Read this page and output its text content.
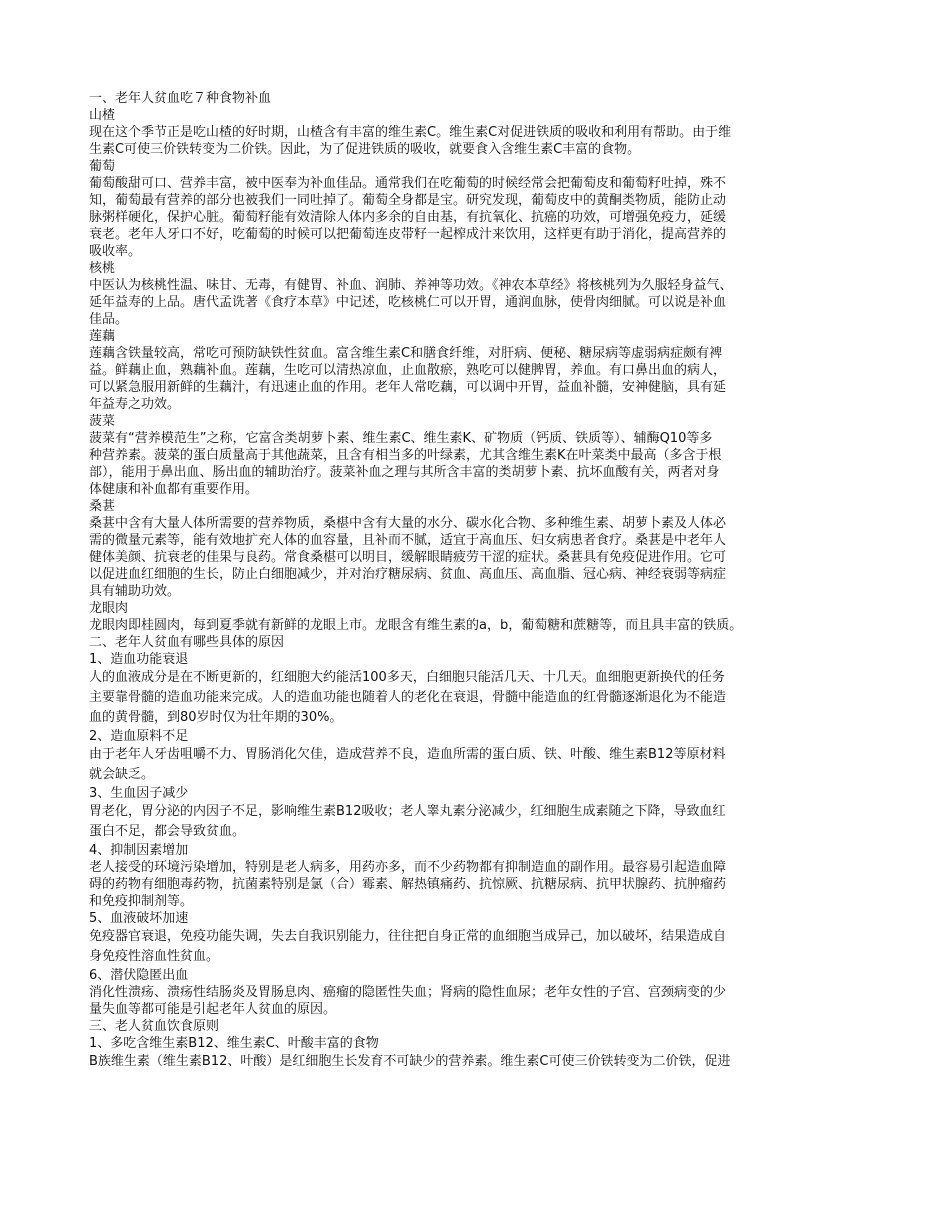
一、老年人贫血吃７种食物补血
山楂
现在这个季节正是吃山楂的好时期，山楂含有丰富的维生素C。维生素C对促进铁质的吸收和利用有帮助。由于维
生素C可使三价铁转变为二价铁。因此，为了促进铁质的吸收，就要食入含维生素C丰富的食物。
葡萄
葡萄酸甜可口、营养丰富，被中医奉为补血佳品。通常我们在吃葡萄的时候经常会把葡萄皮和葡萄籽吐掉，殊不
知，葡萄最有营养的部分也被我们一同吐掉了。葡萄全身都是宝。研究发现，葡萄皮中的黄酮类物质，能防止动
脉粥样硬化，保护心脏。葡萄籽能有效清除人体内多余的自由基，有抗氧化、抗癌的功效，可增强免疫力，延缓
衰老。老年人牙口不好，吃葡萄的时候可以把葡萄连皮带籽一起榨成汁来饮用，这样更有助于消化，提高营养的
吸收率。
核桃
中医认为核桃性温、味甘、无毒，有健胃、补血、润肺、养神等功效。《神农本草经》将核桃列为久服轻身益气、
延年益寿的上品。唐代孟诜著《食疗本草》中记述，吃核桃仁可以开胃，通润血脉，使骨肉细腻。可以说是补血
佳品。
莲藕
莲藕含铁量较高，常吃可预防缺铁性贫血。富含维生素C和膳食纤维，对肝病、便秘、糖尿病等虚弱病症颇有裨
益。鲜藕止血，熟藕补血。莲藕，生吃可以清热凉血，止血散瘀，熟吃可以健脾胃，养血。有口鼻出血的病人，
可以紧急服用新鲜的生藕汁，有迅速止血的作用。老年人常吃藕，可以调中开胃，益血补髓，安神健脑，具有延
年益寿之功效。
菠菜
菠菜有“营养模范生”之称，它富含类胡萝卜素、维生素C、维生素K、矿物质（钙质、铁质等）、辅酶Q10等多
种营养素。菠菜的蛋白质量高于其他蔬菜，且含有相当多的叶绿素，尤其含维生素K在叶菜类中最高（多含于根
部），能用于鼻出血、肠出血的辅助治疗。菠菜补血之理与其所含丰富的类胡萝卜素、抗坏血酸有关，两者对身
体健康和补血都有重要作用。
桑葚
桑葚中含有大量人体所需要的营养物质，桑椹中含有大量的水分、碳水化合物、多种维生素、胡萝卜素及人体必
需的微量元素等，能有效地扩充人体的血容量，且补而不腻，适宜于高血压、妇女病患者食疗。桑葚是中老年人
健体美颜、抗衰老的佳果与良药。常食桑椹可以明目，缓解眼睛疲劳干涩的症状。桑葚具有免疫促进作用。它可
以促进血红细胞的生长，防止白细胞减少，并对治疗糖尿病、贫血、高血压、高血脂、冠心病、神经衰弱等病症
具有辅助功效。
龙眼肉
龙眼肉即桂圆肉，每到夏季就有新鲜的龙眼上市。龙眼含有维生素的a，b，葡萄糖和蔗糖等，而且具丰富的铁质。
二、老年人贫血有哪些具体的原因
1、造血功能衰退
人的血液成分是在不断更新的，红细胞大约能活100多天，白细胞只能活几天、十几天。血细胞更新换代的任务
主要靠骨髓的造血功能来完成。人的造血功能也随着人的老化在衰退，骨髓中能造血的红骨髓逐渐退化为不能造
血的黄骨髓，到80岁时仅为壮年期的30%。
2、造血原料不足
由于老年人牙齿咀嚼不力、胃肠消化欠佳，造成营养不良，造血所需的蛋白质、铁、叶酸、维生素B12等原材料
就会缺乏。
3、生血因子减少
胃老化，胃分泌的内因子不足，影响维生素B12吸收；老人睾丸素分泌减少，红细胞生成素随之下降，导致血红
蛋白不足，都会导致贫血。
4、抑制因素增加
老人接受的环境污染增加，特别是老人病多，用药亦多，而不少药物都有抑制造血的副作用。最容易引起造血障
碍的药物有细胞毒药物，抗菌素特别是氯（合）霉素、解热镇痛药、抗惊厥、抗糖尿病、抗甲状腺药、抗肿瘤药
和免疫抑制剂等。
5、血液破坏加速
免疫器官衰退，免疫功能失调，失去自我识别能力，往往把自身正常的血细胞当成异己，加以破坏，结果造成自
身免疫性溶血性贫血。
6、潜伏隐匿出血
消化性溃疡、溃疡性结肠炎及胃肠息肉、癌瘤的隐匿性失血；肾病的隐性血尿；老年女性的子宫、宫颈病变的少
量失血等都可能是引起老年人贫血的原因。
三、老人贫血饮食原则
1、多吃含维生素B12、维生素C、叶酸丰富的食物
B族维生素（维生素B12、叶酸）是红细胞生长发育不可缺少的营养素。维生素C可使三价铁转变为二价铁，促进
